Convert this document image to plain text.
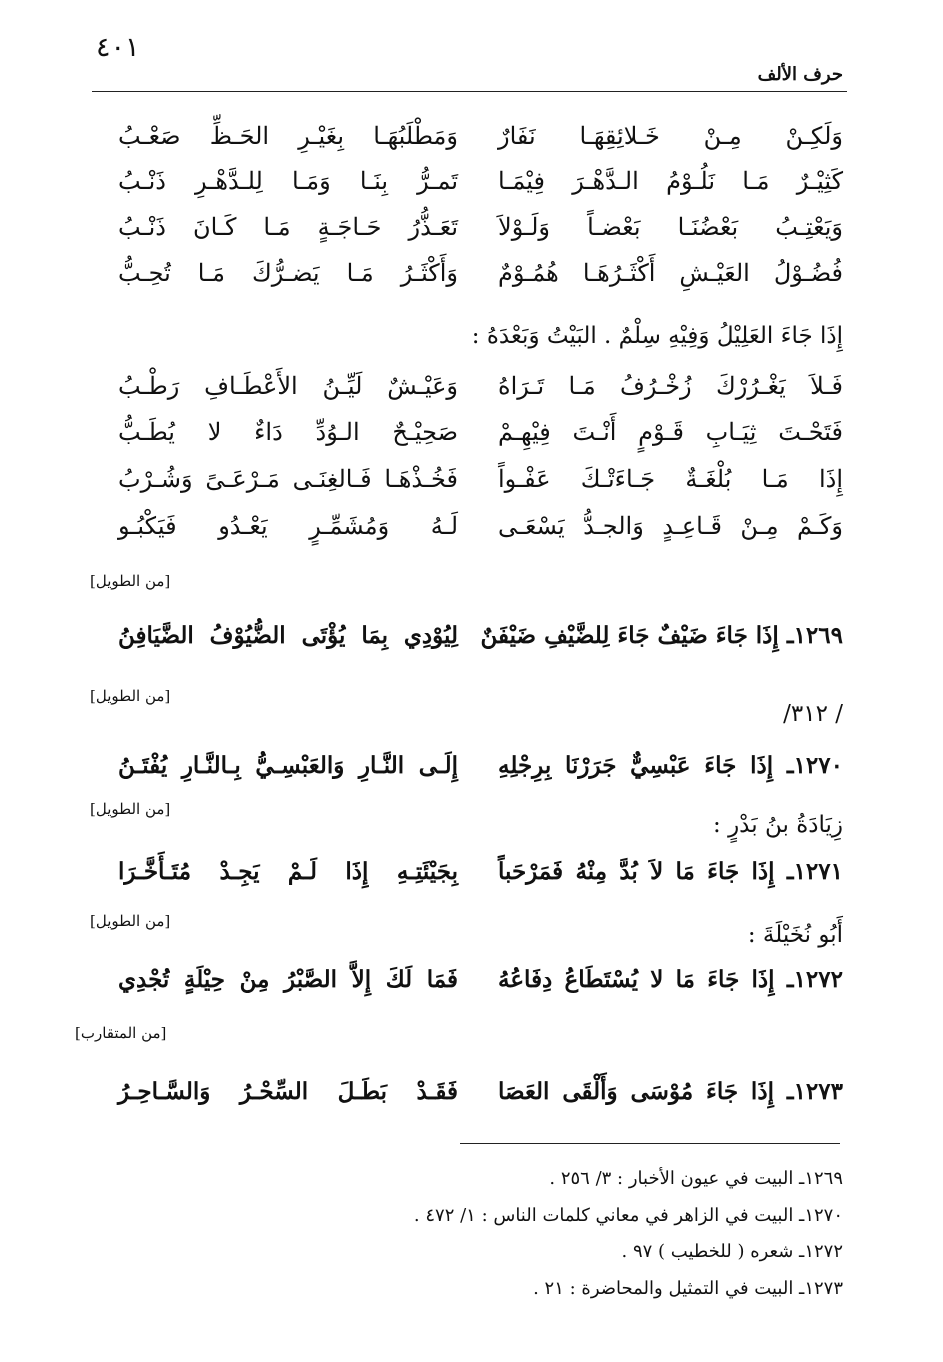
٤٠١
حرف الألف
وَلَكِـنْ مِـنْ خَـلائِقِهَـا نَفَارٌ
وَمَطْلَبُهَـا بِغَيْـرِ الحَـظِّ صَعْـبُ
كَثِيْـرٌ مَـا نَلُـوْمُ الـدَّهْـرَ فِيْمَـا
تَمـرُّ بِنَـا وَمَـا لِلـدَّهْـرِ ذَنْـبُ
وَيَعْتِـبُ بَعْضُنَـا بَعْضـاً وَلَـوْلاَ
تَعَـذُّرُ حَـاجَـةٍ مَـا كَـانَ ذَنْـبُ
فُضُـوْلُ العَيْـشِ أَكْثَـرُهَـا هُمُـوْمٌ
وَأَكْثَـرُ مَـا يَضـرُّكَ مَـا تُحِـبُّ
إِذَا جَاءَ العَلِيْلُ وَفِيْهِ سِلْمٌ . البَيْتُ وَبَعْدَهُ :
فَـلاَ يَغْـرُرْكَ زُخْـرُفُ مَـا تَـرَاهُ
وَعَيْـشٌ لَيِّـنُ الأَعْطَـافِ رَطْـبُ
فَتَحْـتَ ثِيَـابِ قَـوْمٍ أَنْـتَ فِيْهِـمْ
صَحِيْـحٌ الـوُدِّ دَاءٌ لا يُطَـبُّ
إِذَا مَـا بُلْغَـةٌ جَـاءَتْـكَ عَفْـواً
فَخُـذْهَـا فَـالغِنَـى مَـرْعَـىً وَشُـرْبُ
وَكَـمْ مِـنْ قَـاعِـدٍ وَالجـدُّ يَسْعَـى
لَـهُ وَمُشَمِّـرٍ يَعْـدُو فَيَكْبُـو
[من الطويل]
١٢٦٩ـ إِذَا جَاءَ ضَيْفٌ جَاءَ لِلضَّيْفِ ضَيْفَنٌ
لِيُوْدِي بِمَا يُؤْتَى الضُّيُوْفُ الضَّيَافِنُ
[من الطويل]
/ ٣١٢/
١٢٧٠ـ إِذَا جَاءَ عَبْسِيٌّ جَرَرْنَا بِرِجْلِهِ
إِلَـى النَّـارِ وَالعَبْسِـيُّ بِـالنَّـارِ يُفْتَـنُ
[من الطويل]
زِيَادَةُ بنُ بَدْرٍ :
١٢٧١ـ إِذَا جَاءَ مَا لاَ بُدَّ مِنْهُ فَمَرْحَباً
بِجَيْئَتِـهِ إِذَا لَـمْ يَجِـدْ مُتَـأَخَّـرَا
[من الطويل]
أَبُو نُخَيْلَةَ :
١٢٧٢ـ إِذَا جَاءَ مَا لا يُسْتَطَاعُ دِفَاعُهُ
فَمَا لَكَ إِلاَّ الصَّبْرُ مِنْ حِيْلَةٍ تُجْدِي
[من المتقارب]
١٢٧٣ـ إِذَا جَاءَ مُوْسَى وَأَلْقَى العَصَا
فَقَـدْ بَطَـلَ السِّحْـرُ وَالسَّـاحِـرُ
١٢٦٩ـ البيت في عيون الأخبار : ٣/ ٢٥٦ .
١٢٧٠ـ البيت في الزاهر في معاني كلمات الناس : ١/ ٤٧٢ .
١٢٧٢ـ شعره ( للخطيب ) ٩٧ .
١٢٧٣ـ البيت في التمثيل والمحاضرة : ٢١ .
